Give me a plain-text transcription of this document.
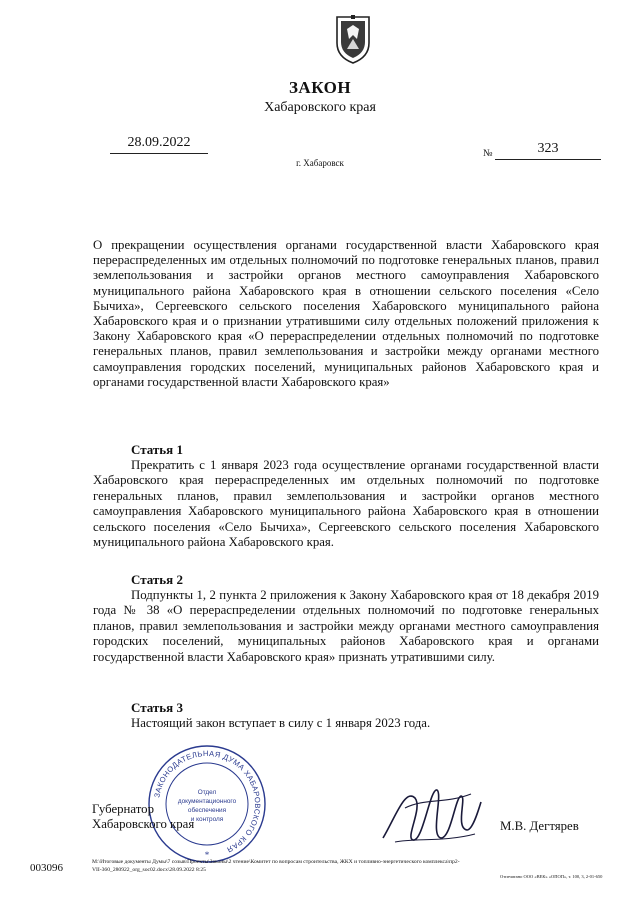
ЗАКОН
Хабаровского края
28.09.2022
г. Хабаровск
№	323
О прекращении осуществления органами государственной власти Хабаровского края перераспределенных им отдельных полномочий по подготовке генеральных планов, правил землепользования и застройки органов местного самоуправления Хабаровского муниципального района Хабаровского края в отношении сельского поселения «Село Бычиха», Сергеевского сельского поселения Хабаровского муниципального района Хабаровского края и о признании утратившими силу отдельных положений приложения к Закону Хабаровского края «О перераспределении отдельных полномочий по подготовке генеральных планов, правил землепользования и застройки между органами местного самоуправления городских поселений, муниципальных районов Хабаровского края и органами государственной власти Хабаровского края»
Статья 1
Прекратить с 1 января 2023 года осуществление органами государственной власти Хабаровского края перераспределенных им отдельных полномочий по подготовке генеральных планов, правил землепользования и застройки органов местного самоуправления Хабаровского муниципального района Хабаровского края в отношении сельского поселения «Село Бычиха», Сергеевского сельского поселения Хабаровского муниципального района Хабаровского края.
Статья 2
Подпункты 1, 2 пункта 2 приложения к Закону Хабаровского края от 18 декабря 2019 года № 38 «О перераспределении отдельных полномочий по подготовке генеральных планов, правил землепользования и застройки между органами местного самоуправления городских поселений, муниципальных районов Хабаровского края и органами государственной власти Хабаровского края» признать утратившими силу.
Статья 3
Настоящий закон вступает в силу с 1 января 2023 года.
ЗАКОНОДАТЕЛЬНАЯ ДУМА ХАБАРОВСКОГО КРАЯ
Отдел
документационного
обеспечения
и контроля
*
Губернатор
Хабаровского края	М.В. Дегтярев
003096	M:\Итоговые документы Думы\7 созыв\Проекты\Законы\2 чтение\Комитет по вопросам строительства, ЖКХ и топливно-энергетического комплекса\пр2-
VII-360_280922_org_soc02.docx\28.09.2022 8:25
Отпечатано ООО «ВЕК» «ОПОП», т. 100, 3, 2-01-650
